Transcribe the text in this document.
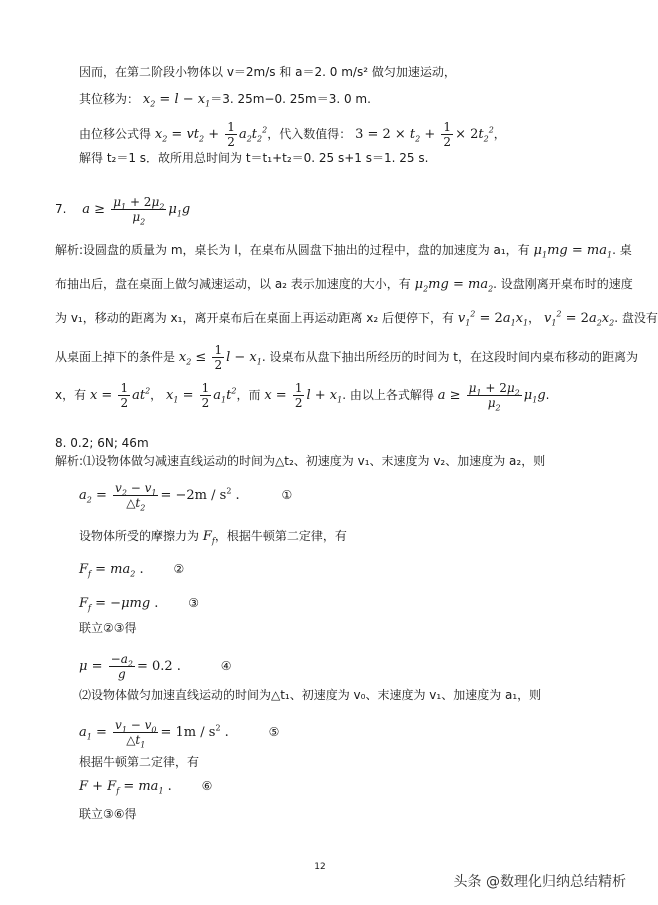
因而，在第二阶段小物体以 v＝2m/s 和 a＝2. 0 m/s² 做匀加速运动，
其位移为： $x_2 = l - x_1=3$. 25m−0. 25m＝3. 0 m.
由位移公式得 $x_2 = vt_2 + \frac{1}{2} a_2t_2^2$，代入数值得： $3 = 2 \times t_2 + \frac{1}{2} \times 2t_2^2$，
解得 t₂＝1 s．故所用总时间为 t＝t₁+t₂＝0. 25 s+1 s＝1. 25 s.
7. $a \ge \frac{\mu_1 + 2\mu_2}{\mu_2} \mu_1g$
解析:设圆盘的质量为 m，桌长为 l，在桌布从圆盘下抽出的过程中，盘的加速度为 a₁，有 $\mu_1mg = ma_1$. 桌
布抽出后，盘在桌面上做匀减速运动，以 a₂ 表示加速度的大小，有 $\mu_2mg = ma_2$. 设盘刚离开桌布时的速度
为 v₁，移动的距离为 x₁，离开桌布后在桌面上再运动距离 x₂ 后便停下，有 $v_1^2 = 2a_1x_1$， $v_1^2 = 2a_2x_2$. 盘没有
从桌面上掉下的条件是 $x_2 \le \frac{1}{2}$ $l - x_1$. 设桌布从盘下抽出所经历的时间为 t，在这段时间内桌布移动的距离为
x，有 $x = \frac{1}{2} at^2$， $x_1 = \frac{1}{2} a_1t^2$，而 $x = \frac{1}{2}$ $l + x_1$. 由以上各式解得 $a \ge \frac{\mu_1 + 2\mu_2}{\mu_2} \mu_1g$.
8. 0.2; 6N; 46m
解析:⑴设物体做匀减速直线运动的时间为△t₂、初速度为 v₁、末速度为 v₂、加速度为 a₂，则
$a_2 = \frac{v_2 - v_1}{\triangle t_2} = -2m / s^2$ .	①
设物体所受的摩擦力为 $F_f$，根据牛顿第二定律，有
$F_f = ma_2$ . ②
$F_f = -\mu mg$ . ③
联立②③得
$\mu = \frac{-a_2}{g} = 0.2$ .	④
⑵设物体做匀加速直线运动的时间为△t₁、初速度为 v₀、末速度为 v₁、加速度为 a₁，则
$a_1 = \frac{v_1 - v_0}{\triangle t_1} = 1m / s^2$ .	⑤
根据牛顿第二定律，有
$F + F_f = ma_1$ . ⑥
联立③⑥得
12
头条 @数理化归纳总结精析
